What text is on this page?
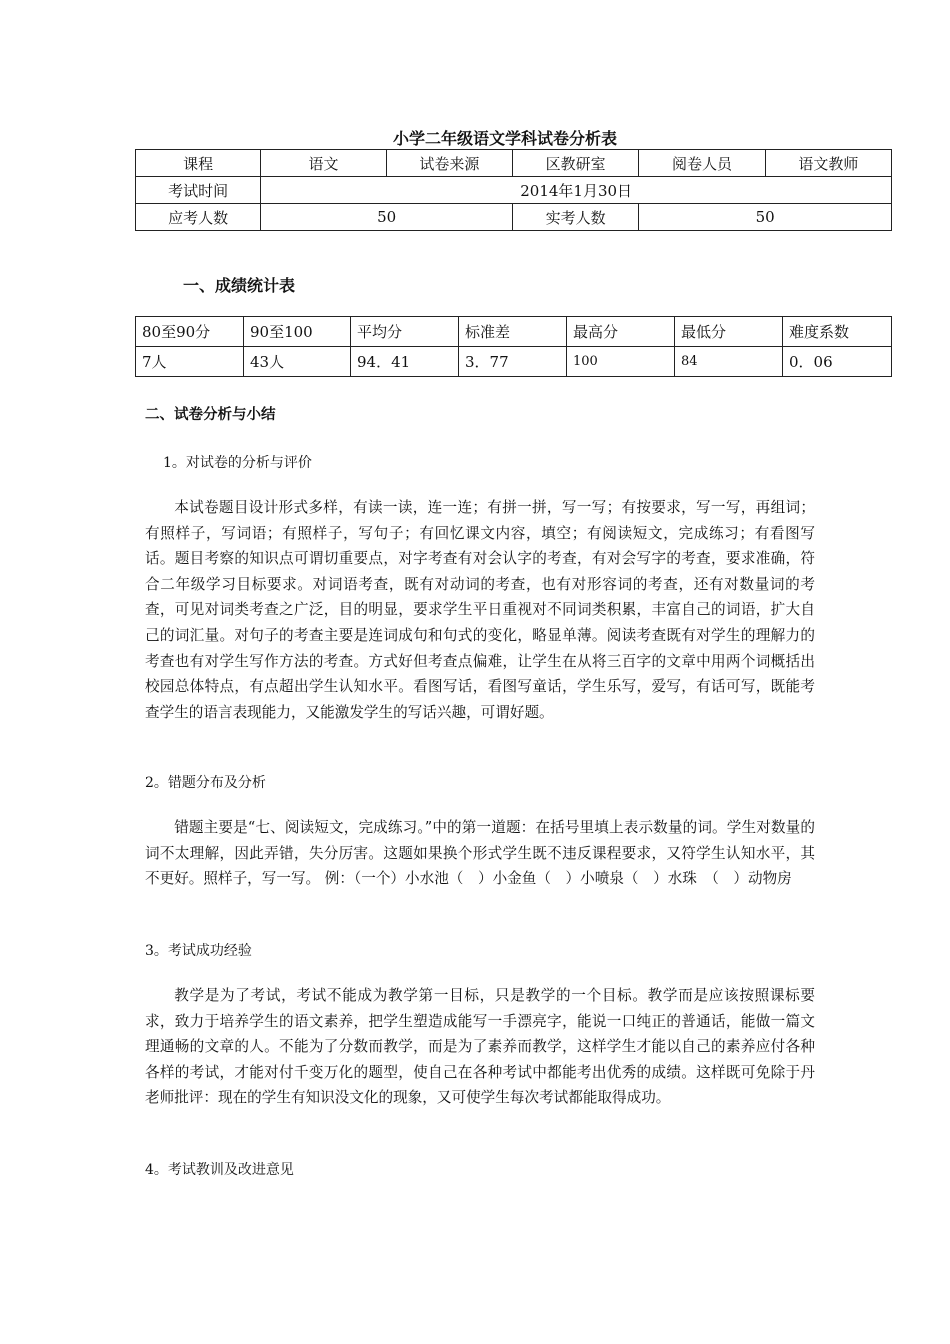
小学二年级语文学科试卷分析表
课程	语文	试卷来源	区教研室	阅卷人员	语文教师
考试时间	2014年1月30日				
应考人数	50		实考人数	50	
一、成绩统计表
80至90分	90至100	平均分	标准差	最高分	最低分	难度系数
7人	43人	94．41	3．77	100	84	0．06
二、试卷分析与小结
1。对试卷的分析与评价
本试卷题目设计形式多样，有读一读，连一连；有拼一拼，写一写；有按要求，写一写，再组词；有照样子，写词语；有照样子，写句子；有回忆课文内容，填空；有阅读短文，完成练习；有看图写话。题目考察的知识点可谓切重要点，对字考查有对会认字的考查，有对会写字的考查，要求准确，符合二年级学习目标要求。对词语考查，既有对动词的考查，也有对形容词的考查，还有对数量词的考查，可见对词类考查之广泛，目的明显，要求学生平日重视对不同词类积累，丰富自己的词语，扩大自己的词汇量。对句子的考查主要是连词成句和句式的变化，略显单薄。阅读考查既有对学生的理解力的考查也有对学生写作方法的考查。方式好但考查点偏难，让学生在从将三百字的文章中用两个词概括出校园总体特点，有点超出学生认知水平。看图写话，看图写童话，学生乐写，爱写，有话可写，既能考查学生的语言表现能力，又能激发学生的写话兴趣，可谓好题。
2。错题分布及分析
错题主要是“七、阅读短文，完成练习。”中的第一道题：在括号里填上表示数量的词。学生对数量的词不太理解，因此弄错，失分厉害。这题如果换个形式学生既不违反课程要求，又符学生认知水平，其不更好。照样子，写一写。 例：（一个）小水池（　）小金鱼（　）小喷泉（　）水珠　（　）动物房
3。考试成功经验
教学是为了考试，考试不能成为教学第一目标，只是教学的一个目标。教学而是应该按照课标要求，致力于培养学生的语文素养，把学生塑造成能写一手漂亮字，能说一口纯正的普通话，能做一篇文理通畅的文章的人。不能为了分数而教学，而是为了素养而教学，这样学生才能以自己的素养应付各种各样的考试，才能对付千变万化的题型，使自己在各种考试中都能考出优秀的成绩。这样既可免除于丹老师批评：现在的学生有知识没文化的现象，又可使学生每次考试都能取得成功。
4。考试教训及改进意见
